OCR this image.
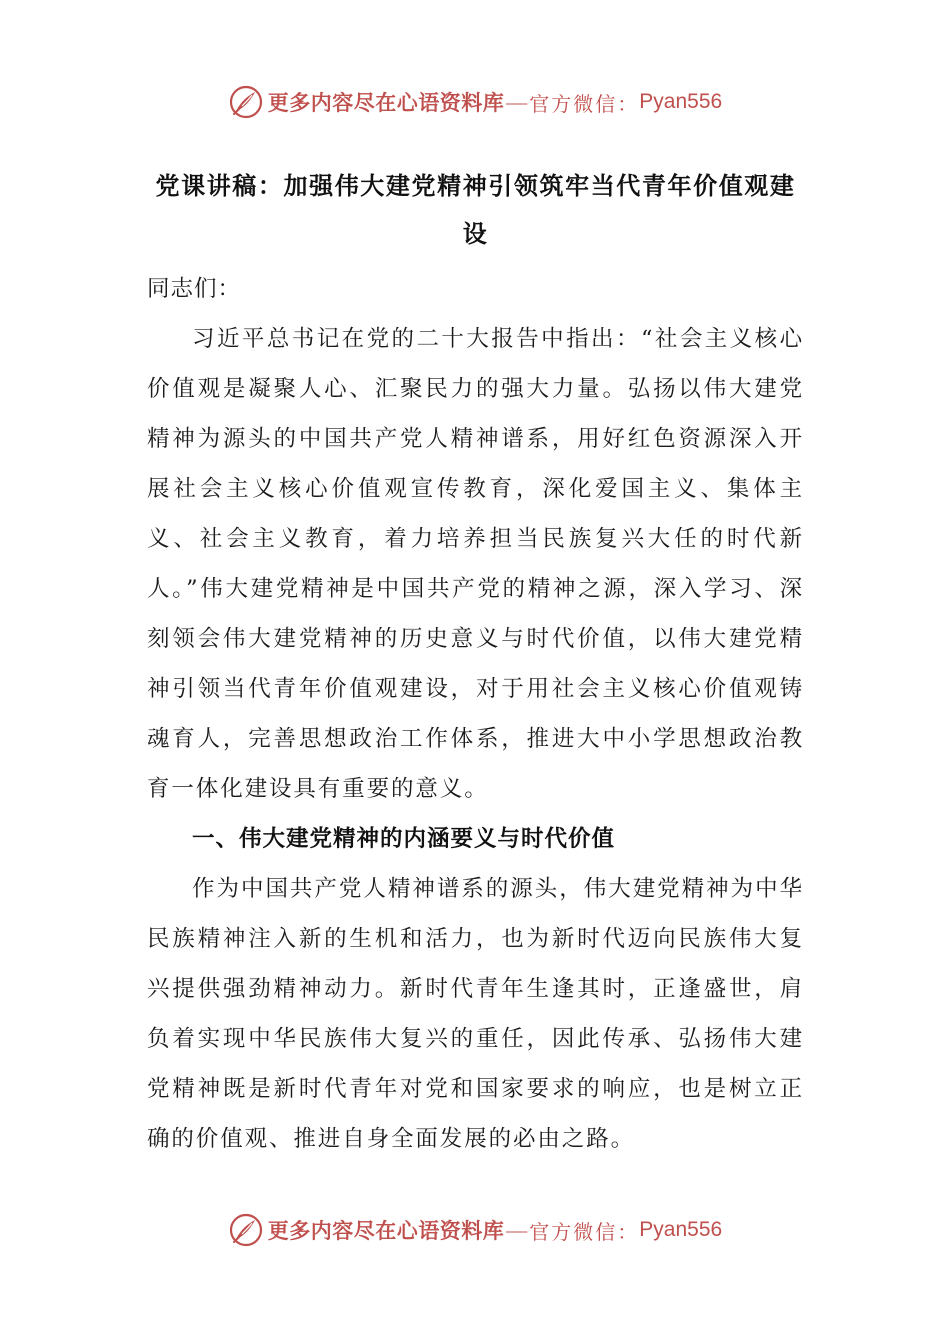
更多内容尽在心语资料库 — 官方微信： Pyan556
党课讲稿：加强伟大建党精神引领筑牢当代青年价值观建设

同志们：

习近平总书记在党的二十大报告中指出：“社会主义核心价值观是凝聚人心、汇聚民力的强大力量。弘扬以伟大建党精神为源头的中国共产党人精神谱系，用好红色资源深入开展社会主义核心价值观宣传教育，深化爱国主义、集体主义、社会主义教育，着力培养担当民族复兴大任的时代新人。”伟大建党精神是中国共产党的精神之源，深入学习、深刻领会伟大建党精神的历史意义与时代价值，以伟大建党精神引领当代青年价值观建设，对于用社会主义核心价值观铸魂育人，完善思想政治工作体系，推进大中小学思想政治教育一体化建设具有重要的意义。

一、伟大建党精神的内涵要义与时代价值

作为中国共产党人精神谱系的源头，伟大建党精神为中华民族精神注入新的生机和活力，也为新时代迈向民族伟大复兴提供强劲精神动力。新时代青年生逢其时，正逢盛世，肩负着实现中华民族伟大复兴的重任，因此传承、弘扬伟大建党精神既是新时代青年对党和国家要求的响应，也是树立正确的价值观、推进自身全面发展的必由之路。

更多内容尽在心语资料库 — 官方微信： Pyan556
